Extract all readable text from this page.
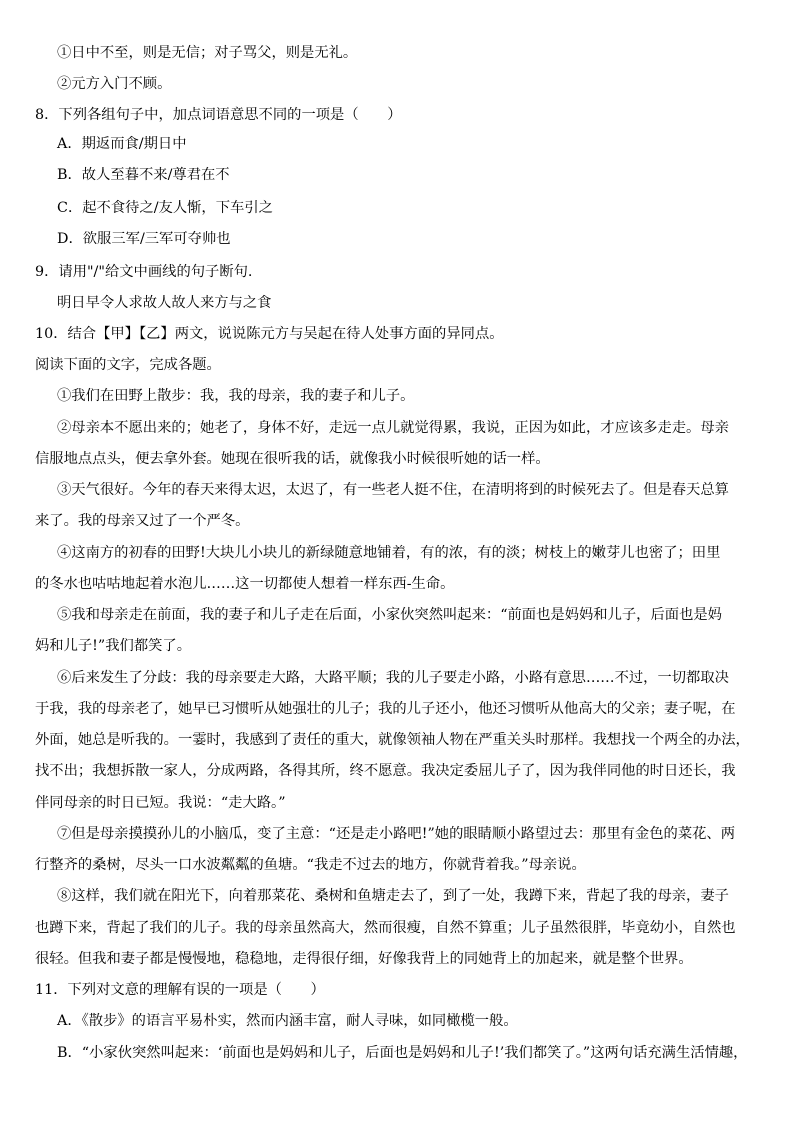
①日中不至，则是无信；对子骂父，则是无礼。
②元方入门不顾。
8．下列各组句子中，加点词语意思不同的一项是（　　）
A．期返而食/期日中
B．故人至暮不来/尊君在不
C．起不食待之/友人惭，下车引之
D．欲服三军/三军可夺帅也
9．请用"/"给文中画线的句子断句.
明日早令人求故人故人来方与之食
10．结合【甲】【乙】两文，说说陈元方与吴起在待人处事方面的异同点。
阅读下面的文字，完成各题。
①我们在田野上散步：我，我的母亲，我的妻子和儿子。
②母亲本不愿出来的；她老了，身体不好，走远一点儿就觉得累，我说，正因为如此，才应该多走走。母亲
信服地点点头，便去拿外套。她现在很听我的话，就像我小时候很听她的话一样。
③天气很好。今年的春天来得太迟，太迟了，有一些老人挺不住，在清明将到的时候死去了。但是春天总算
来了。我的母亲又过了一个严冬。
④这南方的初春的田野!大块儿小块儿的新绿随意地铺着，有的浓，有的淡；树枝上的嫩芽儿也密了；田里
的冬水也咕咕地起着水泡儿……这一切都使人想着一样东西-生命。
⑤我和母亲走在前面，我的妻子和儿子走在后面，小家伙突然叫起来：“前面也是妈妈和儿子，后面也是妈
妈和儿子!”我们都笑了。
⑥后来发生了分歧：我的母亲要走大路，大路平顺；我的儿子要走小路，小路有意思……不过，一切都取决
于我，我的母亲老了，她早已习惯听从她强壮的儿子；我的儿子还小，他还习惯听从他高大的父亲；妻子呢，在
外面，她总是听我的。一霎时，我感到了责任的重大，就像领袖人物在严重关头时那样。我想找一个两全的办法，
找不出；我想拆散一家人，分成两路，各得其所，终不愿意。我决定委屈儿子了，因为我伴同他的时日还长，我
伴同母亲的时日已短。我说：“走大路。”
⑦但是母亲摸摸孙儿的小脑瓜，变了主意：“还是走小路吧!”她的眼睛顺小路望过去：那里有金色的菜花、两
行整齐的桑树，尽头一口水波粼粼的鱼塘。“我走不过去的地方，你就背着我。”母亲说。
⑧这样，我们就在阳光下，向着那菜花、桑树和鱼塘走去了，到了一处，我蹲下来，背起了我的母亲，妻子
也蹲下来，背起了我们的儿子。我的母亲虽然高大，然而很瘦，自然不算重；儿子虽然很胖，毕竟幼小，自然也
很轻。但我和妻子都是慢慢地，稳稳地，走得很仔细，好像我背上的同她背上的加起来，就是整个世界。
11．下列对文意的理解有误的一项是（　　）
A．《散步》的语言平易朴实，然而内涵丰富，耐人寻味，如同橄榄一般。
B．“小家伙突然叫起来：‘前面也是妈妈和儿子，后面也是妈妈和儿子!’我们都笑了。”这两句话充满生活情趣，
